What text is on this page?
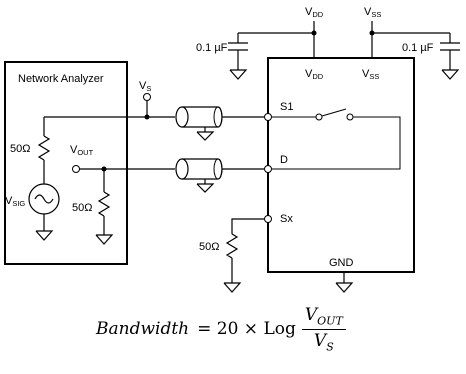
VDD	VSS
0.1 µF	0.1 µF
VDD	VSS
S1
D
Sx
GND
Network Analyzer
50Ω
VSIG	50Ω
VOUT
VS
50Ω
Bandwidth = 20 × Log $\frac{V_{OUT}}{V_S}$
